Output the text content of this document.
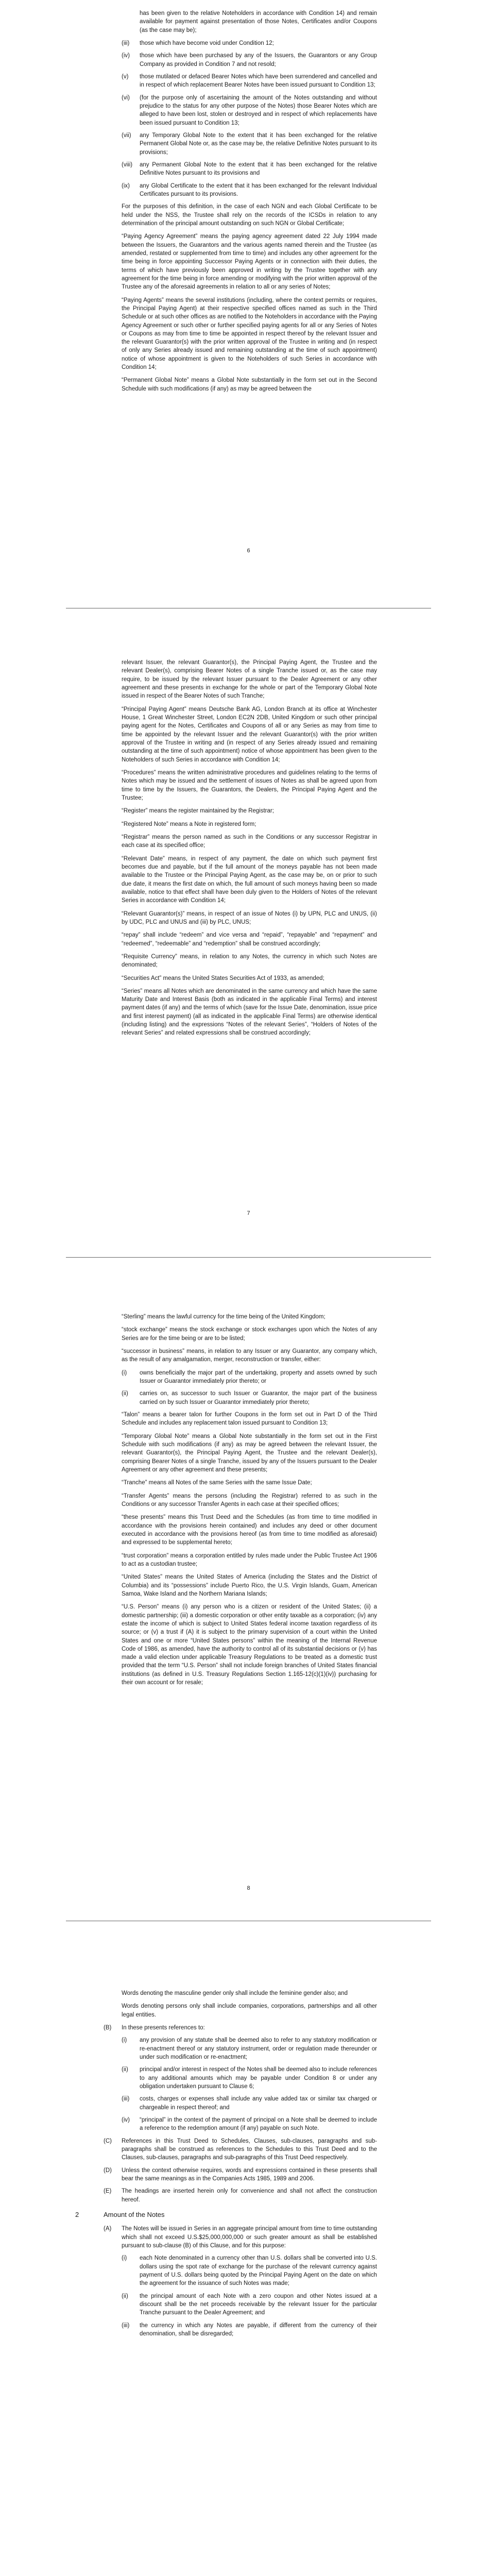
has been given to the relative Noteholders in accordance with Condition 14) and remain available for payment against presentation of those Notes, Certificates and/or Coupons (as the case may be);

(iii)	those which have become void under Condition 12;
(iv)	those which have been purchased by any of the Issuers, the Guarantors or any Group Company as provided in Condition 7 and not resold;
(v)	those mutilated or defaced Bearer Notes which have been surrendered and cancelled and in respect of which replacement Bearer Notes have been issued pursuant to Condition 13;
(vi)	(for the purpose only of ascertaining the amount of the Notes outstanding and without prejudice to the status for any other purpose of the Notes) those Bearer Notes which are alleged to have been lost, stolen or destroyed and in respect of which replacements have been issued pursuant to Condition 13;
(vii)	any Temporary Global Note to the extent that it has been exchanged for the relative Permanent Global Note or, as the case may be, the relative Definitive Notes pursuant to its provisions;
(viii)	any Permanent Global Note to the extent that it has been exchanged for the relative Definitive Notes pursuant to its provisions and
(ix)	any Global Certificate to the extent that it has been exchanged for the relevant Individual Certificates pursuant to its provisions.

For the purposes of this definition, in the case of each NGN and each Global Certificate to be held under the NSS, the Trustee shall rely on the records of the ICSDs in relation to any determination of the principal amount outstanding on such NGN or Global Certificate;

“Paying Agency Agreement” means the paying agency agreement dated 22 July 1994 made between the Issuers, the Guarantors and the various agents named therein and the Trustee (as amended, restated or supplemented from time to time) and includes any other agreement for the time being in force appointing Successor Paying Agents or in connection with their duties, the terms of which have previously been approved in writing by the Trustee together with any agreement for the time being in force amending or modifying with the prior written approval of the Trustee any of the aforesaid agreements in relation to all or any series of Notes;

“Paying Agents” means the several institutions (including, where the context permits or requires, the Principal Paying Agent) at their respective specified offices named as such in the Third Schedule or at such other offices as are notified to the Noteholders in accordance with the Paying Agency Agreement or such other or further specified paying agents for all or any Series of Notes or Coupons as may from time to time be appointed in respect thereof by the relevant Issuer and the relevant Guarantor(s) with the prior written approval of the Trustee in writing and (in respect of only any Series already issued and remaining outstanding at the time of such appointment) notice of whose appointment is given to the Noteholders of such Series in accordance with Condition 14;

“Permanent Global Note” means a Global Note substantially in the form set out in the Second Schedule with such modifications (if any) as may be agreed between the

6

relevant Issuer, the relevant Guarantor(s), the Principal Paying Agent, the Trustee and the relevant Dealer(s), comprising Bearer Notes of a single Tranche issued or, as the case may require, to be issued by the relevant Issuer pursuant to the Dealer Agreement or any other agreement and these presents in exchange for the whole or part of the Temporary Global Note issued in respect of the Bearer Notes of such Tranche;

“Principal Paying Agent” means Deutsche Bank AG, London Branch at its office at Winchester House, 1 Great Winchester Street, London EC2N 2DB, United Kingdom or such other principal paying agent for the Notes, Certificates and Coupons of all or any Series as may from time to time be appointed by the relevant Issuer and the relevant Guarantor(s) with the prior written approval of the Trustee in writing and (in respect of any Series already issued and remaining outstanding at the time of such appointment) notice of whose appointment has been given to the Noteholders of such Series in accordance with Condition 14;

“Procedures” means the written administrative procedures and guidelines relating to the terms of Notes which may be issued and the settlement of issues of Notes as shall be agreed upon from time to time by the Issuers, the Guarantors, the Dealers, the Principal Paying Agent and the Trustee;

“Register” means the register maintained by the Registrar;

“Registered Note” means a Note in registered form;

“Registrar” means the person named as such in the Conditions or any successor Registrar in each case at its specified office;

“Relevant Date” means, in respect of any payment, the date on which such payment first becomes due and payable, but if the full amount of the moneys payable has not been made available to the Trustee or the Principal Paying Agent, as the case may be, on or prior to such due date, it means the first date on which, the full amount of such moneys having been so made available, notice to that effect shall have been duly given to the Holders of Notes of the relevant Series in accordance with Condition 14;

“Relevant Guarantor(s)” means, in respect of an issue of Notes (i) by UPN, PLC and UNUS, (ii) by UDC, PLC and UNUS and (iii) by PLC, UNUS;

“repay” shall include “redeem” and vice versa and “repaid”, “repayable” and “repayment” and “redeemed”, “redeemable” and “redemption” shall be construed accordingly;

“Requisite Currency” means, in relation to any Notes, the currency in which such Notes are denominated;

“Securities Act” means the United States Securities Act of 1933, as amended;

“Series” means all Notes which are denominated in the same currency and which have the same Maturity Date and Interest Basis (both as indicated in the applicable Final Terms) and interest payment dates (if any) and the terms of which (save for the Issue Date, denomination, issue price and first interest payment) (all as indicated in the applicable Final Terms) are otherwise identical (including listing) and the expressions “Notes of the relevant Series”, “Holders of Notes of the relevant Series” and related expressions shall be construed accordingly;

7

“Sterling” means the lawful currency for the time being of the United Kingdom;

“stock exchange” means the stock exchange or stock exchanges upon which the Notes of any Series are for the time being or are to be listed;

“successor in business” means, in relation to any Issuer or any Guarantor, any company which, as the result of any amalgamation, merger, reconstruction or transfer, either:

(i)	owns beneficially the major part of the undertaking, property and assets owned by such Issuer or Guarantor immediately prior thereto; or
(ii)	carries on, as successor to such Issuer or Guarantor, the major part of the business carried on by such Issuer or Guarantor immediately prior thereto;

“Talon” means a bearer talon for further Coupons in the form set out in Part D of the Third Schedule and includes any replacement talon issued pursuant to Condition 13;

“Temporary Global Note” means a Global Note substantially in the form set out in the First Schedule with such modifications (if any) as may be agreed between the relevant Issuer, the relevant Guarantor(s), the Principal Paying Agent, the Trustee and the relevant Dealer(s), comprising Bearer Notes of a single Tranche, issued by any of the Issuers pursuant to the Dealer Agreement or any other agreement and these presents;

“Tranche” means all Notes of the same Series with the same Issue Date;

“Transfer Agents” means the persons (including the Registrar) referred to as such in the Conditions or any successor Transfer Agents in each case at their specified offices;

“these presents” means this Trust Deed and the Schedules (as from time to time modified in accordance with the provisions herein contained) and includes any deed or other document executed in accordance with the provisions hereof (as from time to time modified as aforesaid) and expressed to be supplemental hereto;

“trust corporation” means a corporation entitled by rules made under the Public Trustee Act 1906 to act as a custodian trustee;

“United States” means the United States of America (including the States and the District of Columbia) and its “possessions” include Puerto Rico, the U.S. Virgin Islands, Guam, American Samoa, Wake Island and the Northern Mariana Islands;

“U.S. Person” means (i) any person who is a citizen or resident of the United States; (ii) a domestic partnership; (iii) a domestic corporation or other entity taxable as a corporation; (iv) any estate the income of which is subject to United States federal income taxation regardless of its source; or (v) a trust if (A) it is subject to the primary supervision of a court within the United States and one or more “United States persons” within the meaning of the Internal Revenue Code of 1986, as amended, have the authority to control all of its substantial decisions or (v) has made a valid election under applicable Treasury Regulations to be treated as a domestic trust provided that the term “U.S. Person” shall not include foreign branches of United States financial institutions (as defined in U.S. Treasury Regulations Section 1.165-12(c)(1)(iv)) purchasing for their own account or for resale;

8

Words denoting the masculine gender only shall include the feminine gender also; and

Words denoting persons only shall include companies, corporations, partnerships and all other legal entities.

(B)	In these presents references to:
(i)	any provision of any statute shall be deemed also to refer to any statutory modification or re-enactment thereof or any statutory instrument, order or regulation made thereunder or under such modification or re-enactment;
(ii)	principal and/or interest in respect of the Notes shall be deemed also to include references to any additional amounts which may be payable under Condition 8 or under any obligation undertaken pursuant to Clause 6;
(iii)	costs, charges or expenses shall include any value added tax or similar tax charged or chargeable in respect thereof; and
(iv)	“principal” in the context of the payment of principal on a Note shall be deemed to include a reference to the redemption amount (if any) payable on such Note.
(C)	References in this Trust Deed to Schedules, Clauses, sub-clauses, paragraphs and sub-paragraphs shall be construed as references to the Schedules to this Trust Deed and to the Clauses, sub-clauses, paragraphs and sub-paragraphs of this Trust Deed respectively.
(D)	Unless the context otherwise requires, words and expressions contained in these presents shall bear the same meanings as in the Companies Acts 1985, 1989 and 2006.
(E)	The headings are inserted herein only for convenience and shall not affect the construction hereof.
2	Amount of the Notes
(A)	The Notes will be issued in Series in an aggregate principal amount from time to time outstanding which shall not exceed U.S.$25,000,000,000 or such greater amount as shall be established pursuant to sub-clause (B) of this Clause, and for this purpose:
(i)	each Note denominated in a currency other than U.S. dollars shall be converted into U.S. dollars using the spot rate of exchange for the purchase of the relevant currency against payment of U.S. dollars being quoted by the Principal Paying Agent on the date on which the agreement for the issuance of such Notes was made;
(ii)	the principal amount of each Note with a zero coupon and other Notes issued at a discount shall be the net proceeds receivable by the relevant Issuer for the particular Tranche pursuant to the Dealer Agreement; and
(iii)	the currency in which any Notes are payable, if different from the currency of their denomination, shall be disregarded;
